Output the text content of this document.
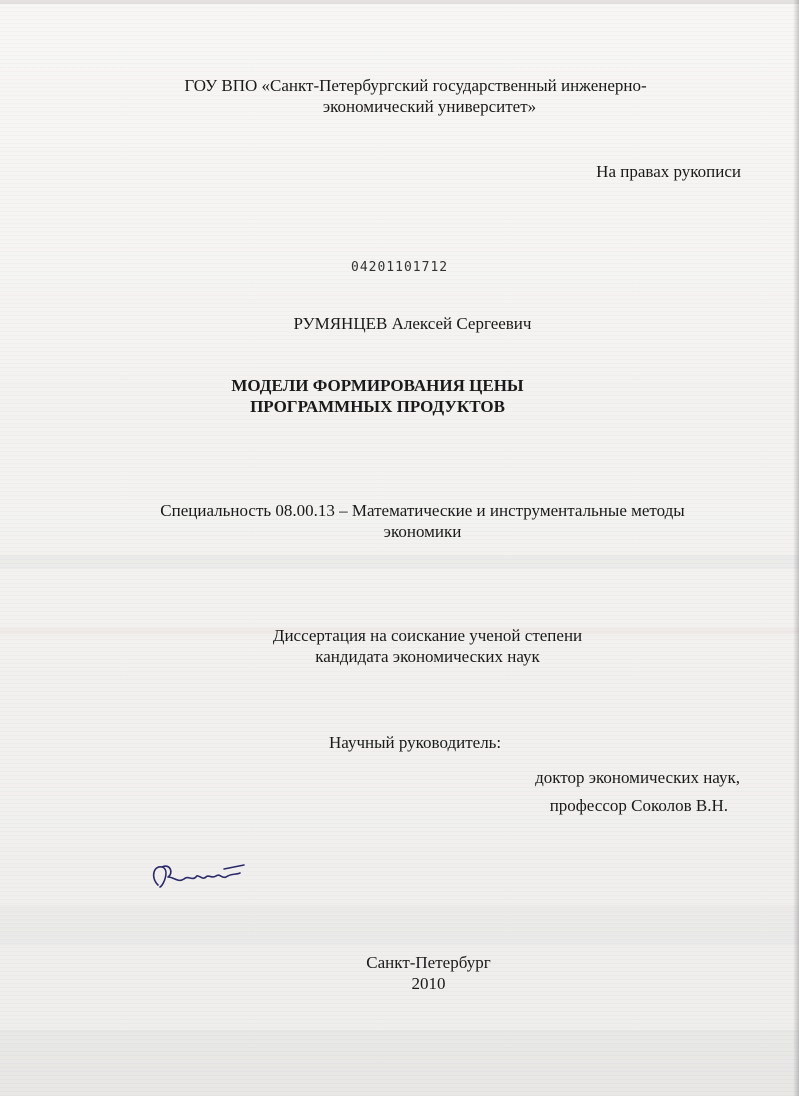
ГОУ ВПО «Санкт-Петербургский государственный инженерно-
экономический университет»
На правах рукописи
04201101712
РУМЯНЦЕВ Алексей Сергеевич
МОДЕЛИ ФОРМИРОВАНИЯ ЦЕНЫ
ПРОГРАММНЫХ ПРОДУКТОВ
Специальность 08.00.13 – Математические и инструментальные методы
экономики
Диссертация на соискание ученой степени
кандидата экономических наук
Научный руководитель:
доктор экономических наук,
профессор Соколов В.Н.
Санкт-Петербург
2010
